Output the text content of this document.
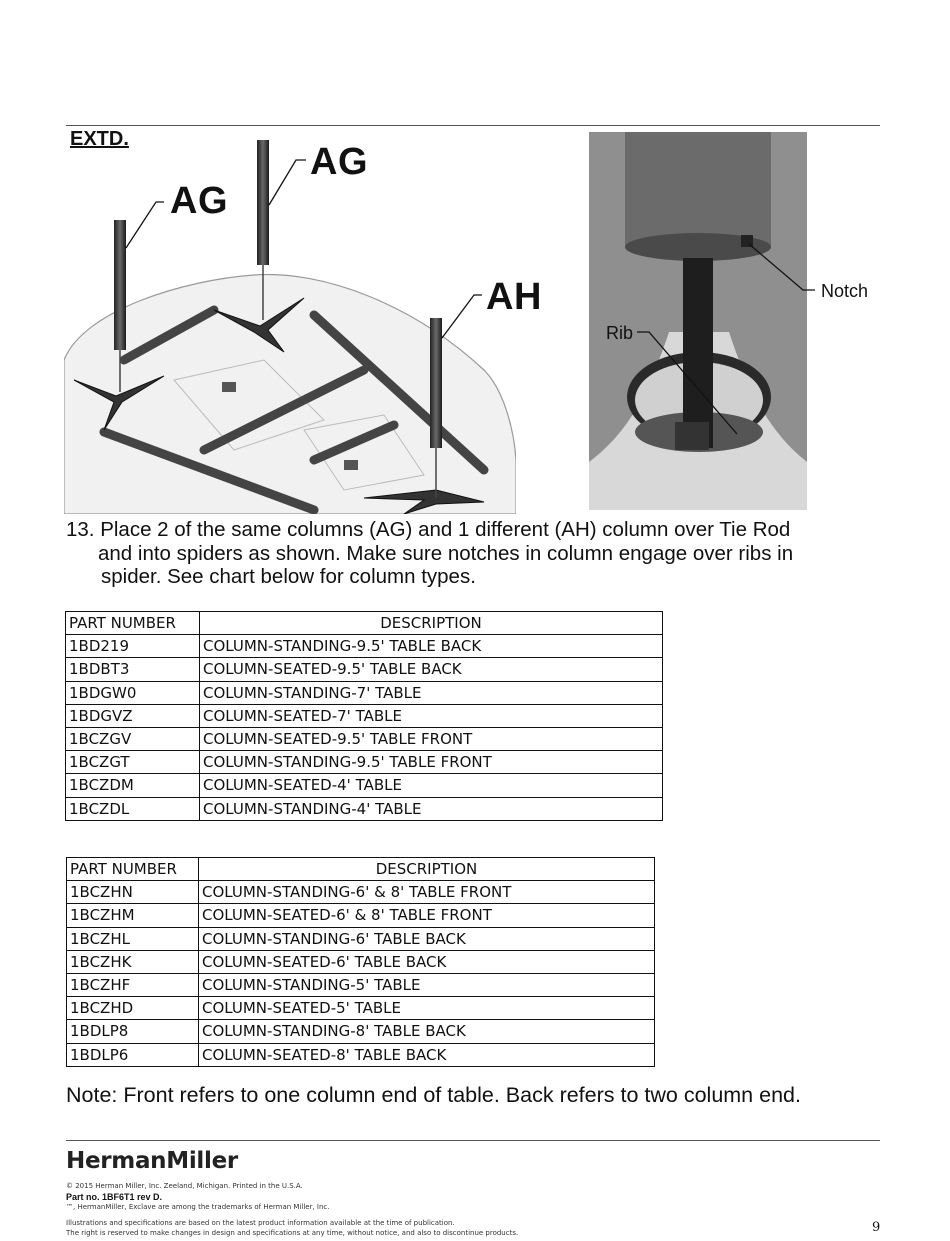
EXTD.
AG
AG
AH	Notch
Rib
13. Place 2 of the same columns (AG) and 1 different (AH) column over Tie Rod
and into spiders as shown. Make sure notches in column engage over ribs in
spider. See chart below for column types.
PART NUMBER	DESCRIPTION
1BD219	COLUMN-STANDING-9.5' TABLE BACK
1BDBT3	COLUMN-SEATED-9.5' TABLE BACK
1BDGW0	COLUMN-STANDING-7' TABLE
1BDGVZ	COLUMN-SEATED-7' TABLE
1BCZGV	COLUMN-SEATED-9.5' TABLE FRONT
1BCZGT	COLUMN-STANDING-9.5' TABLE FRONT
1BCZDM	COLUMN-SEATED-4' TABLE
1BCZDL	COLUMN-STANDING-4' TABLE
PART NUMBER	DESCRIPTION
1BCZHN	COLUMN-STANDING-6' & 8' TABLE FRONT
1BCZHM	COLUMN-SEATED-6' & 8' TABLE FRONT
1BCZHL	COLUMN-STANDING-6' TABLE BACK
1BCZHK	COLUMN-SEATED-6' TABLE BACK
1BCZHF	COLUMN-STANDING-5' TABLE
1BCZHD	COLUMN-SEATED-5' TABLE
1BDLP8	COLUMN-STANDING-8' TABLE BACK
1BDLP6	COLUMN-SEATED-8' TABLE BACK
Note: Front refers to one column end of table. Back refers to two column end.
HermanMiller
© 2015 Herman Miller, Inc. Zeeland, Michigan. Printed in the U.S.A.
Part no. 1BF6T1 rev D.
™, HermanMiller, Exclave are among the trademarks of Herman Miller, Inc.
Illustrations and specifications are based on the latest product information available at the time of publication.
The right is reserved to make changes in design and specifications at any time, without notice, and also to discontinue products.	9
